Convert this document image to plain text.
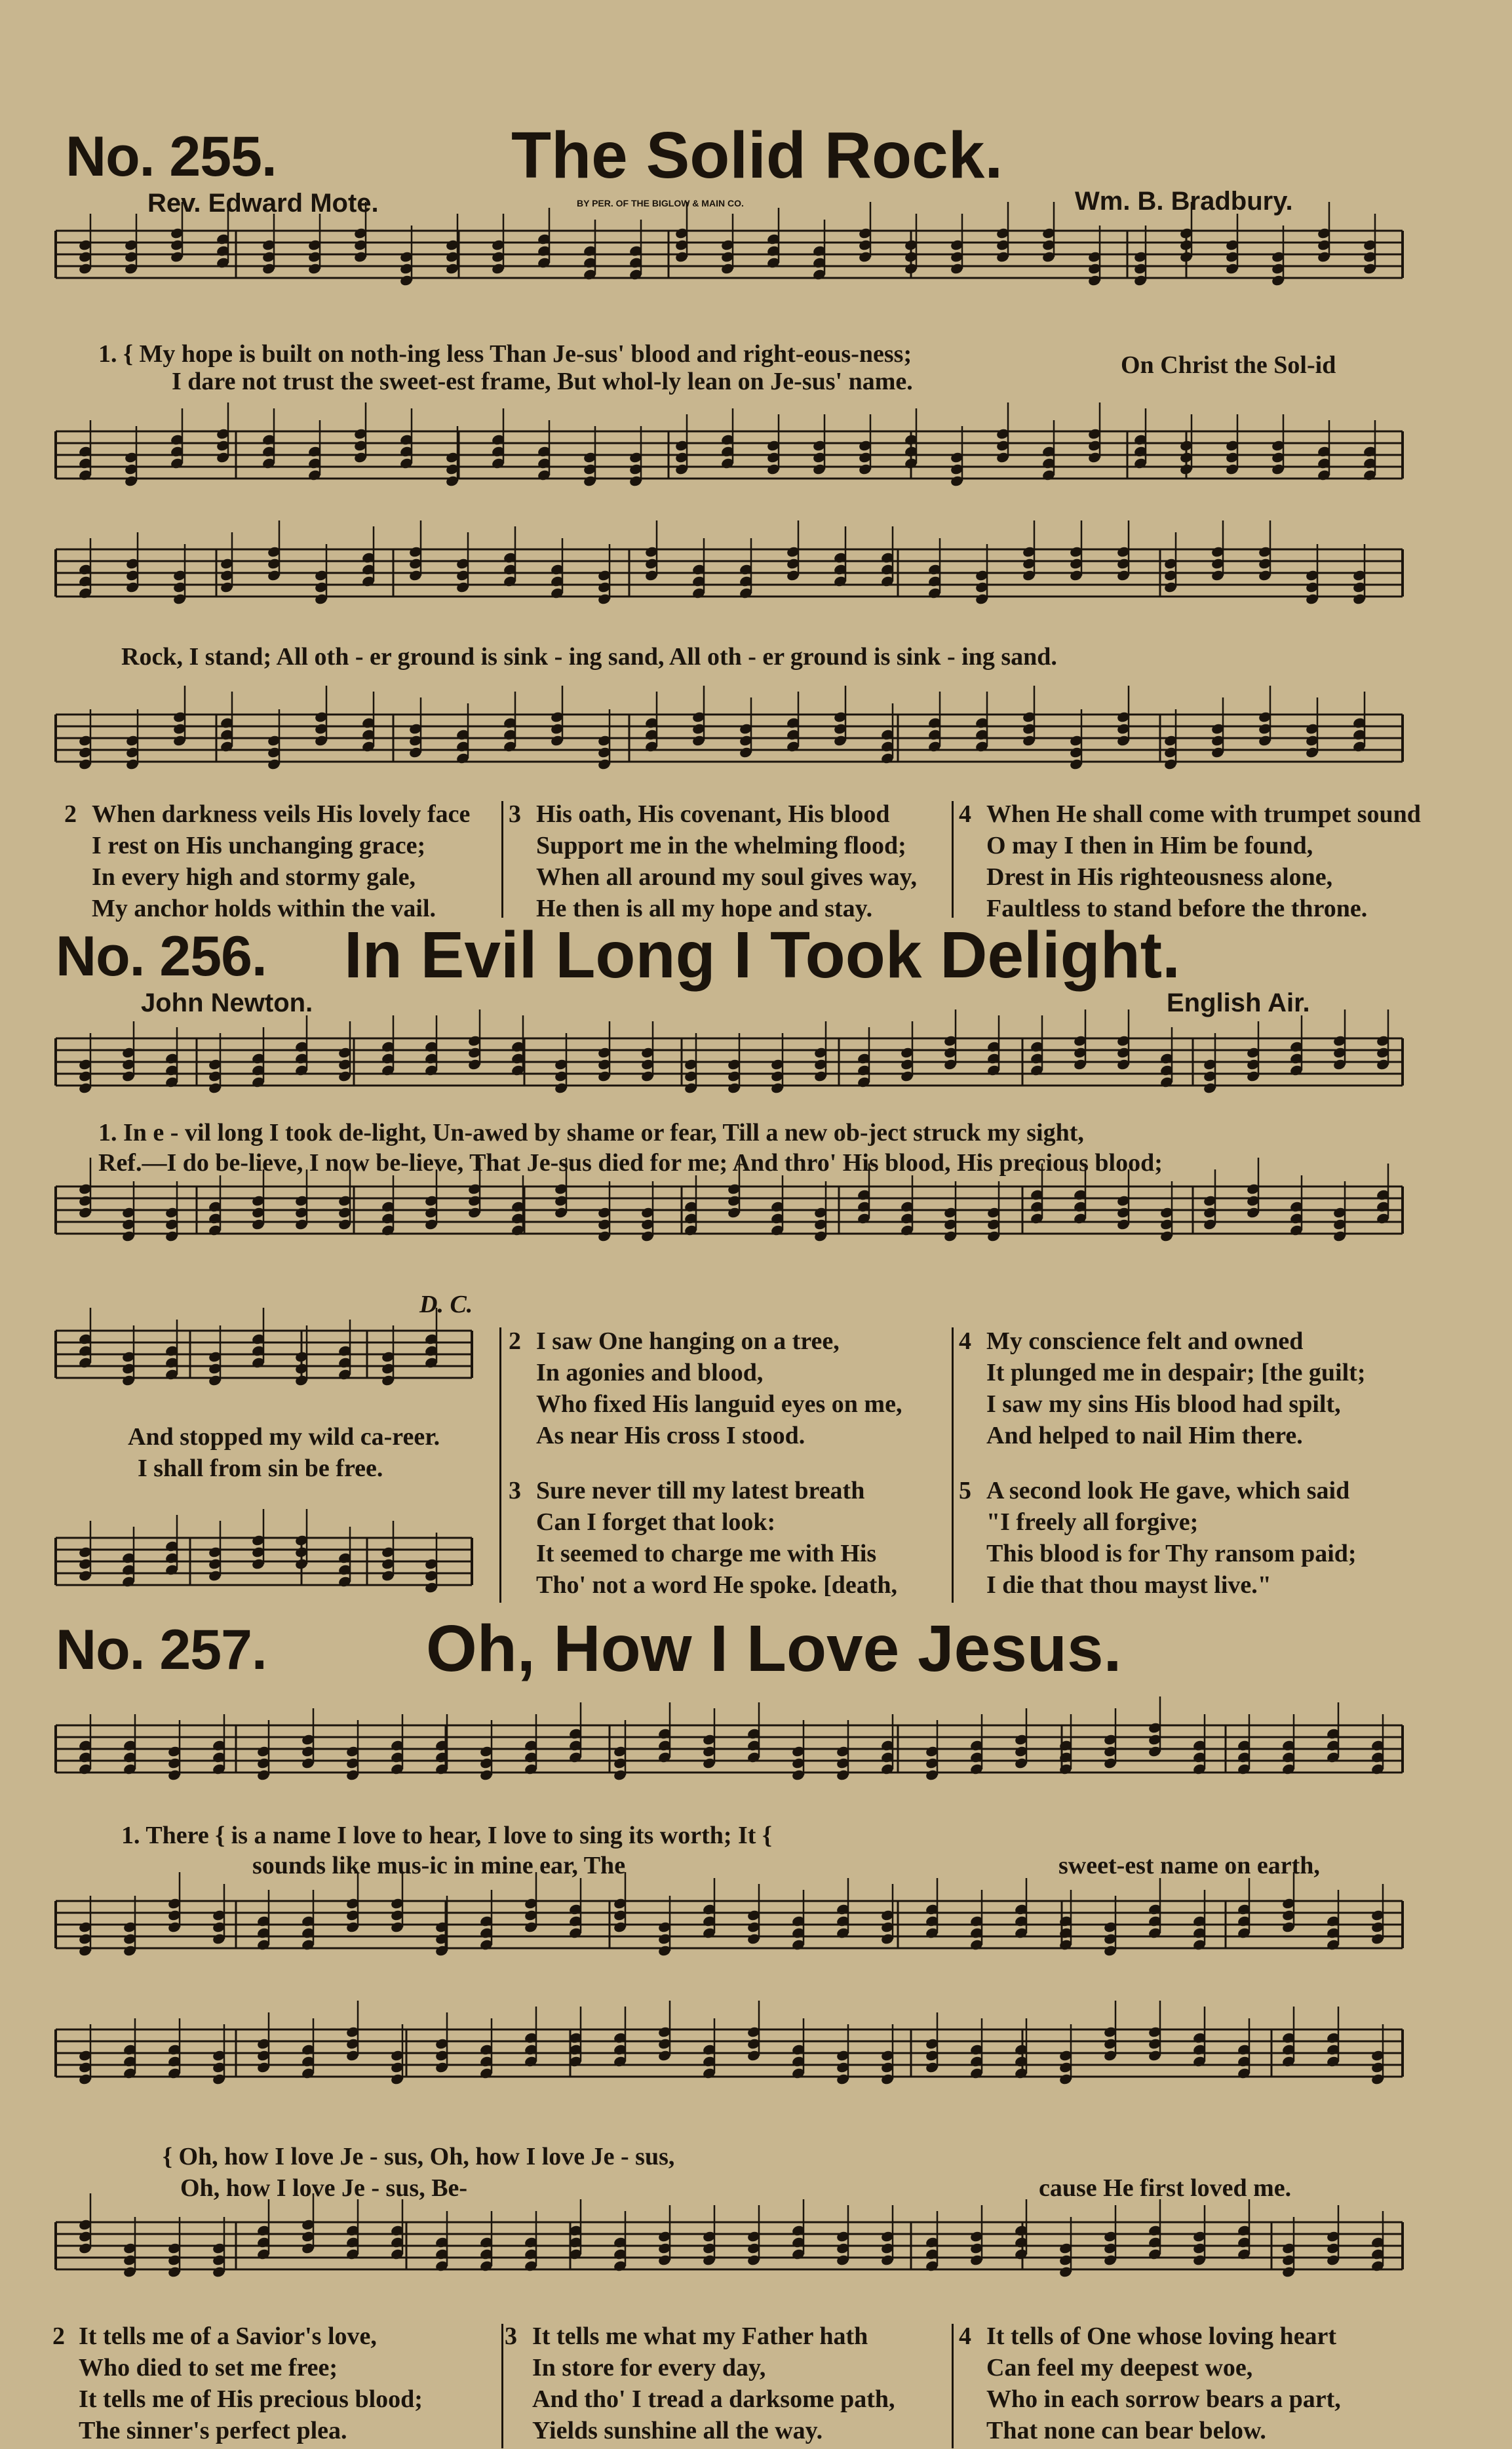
No. 255.	The Solid Rock.
Rev. Edward Mote.	BY PER. OF THE BIGLOW & MAIN CO.	Wm. B. Bradbury.
1. { My hope is built on noth-ing less Than Je-sus' blood and right-eous-ness;
I dare not trust the sweet-est frame, But whol-ly lean on Je-sus' name.
On Christ the Sol-id
Rock, I stand; All oth - er ground is sink - ing sand, All oth - er ground is sink - ing sand.
2 When darkness veils His lovely face
I rest on His unchanging grace;
In every high and stormy gale,
My anchor holds within the vail.
3 His oath, His covenant, His blood
Support me in the whelming flood;
When all around my soul gives way,
He then is all my hope and stay.
4 When He shall come with trumpet sound
O may I then in Him be found,
Drest in His righteousness alone,
Faultless to stand before the throne.
No. 256. In Evil Long I Took Delight.
John Newton.	English Air.
1. In e - vil long I took de-light, Un-awed by shame or fear, Till a new ob-ject struck my sight,
Ref.—I do be-lieve, I now be-lieve, That Je-sus died for me; And thro' His blood, His precious blood;
D. C.
And stopped my wild ca-reer.
I shall from sin be free.
2 I saw One hanging on a tree,
In agonies and blood,
Who fixed His languid eyes on me,
As near His cross I stood.
3 Sure never till my latest breath
Can I forget that look:
It seemed to charge me with His
Tho' not a word He spoke. [death,
4 My conscience felt and owned
It plunged me in despair; [the guilt;
I saw my sins His blood had spilt,
And helped to nail Him there.
5 A second look He gave, which said
"I freely all forgive;
This blood is for Thy ransom paid;
I die that thou mayst live."
No. 257. Oh, How I Love Jesus.
1. There { is a name I love to hear, I love to sing its worth; It {
sounds like mus-ic in mine ear, The	sweet-est name on earth,
{ Oh, how I love Je - sus, Oh, how I love Je - sus,
Oh, how I love Je - sus, Be-	cause He first loved me.
2 It tells me of a Savior's love,
Who died to set me free;
It tells me of His precious blood;
The sinner's perfect plea.
3 It tells me what my Father hath
In store for every day,
And tho' I tread a darksome path,
Yields sunshine all the way.
4 It tells of One whose loving heart
Can feel my deepest woe,
Who in each sorrow bears a part,
That none can bear below.
